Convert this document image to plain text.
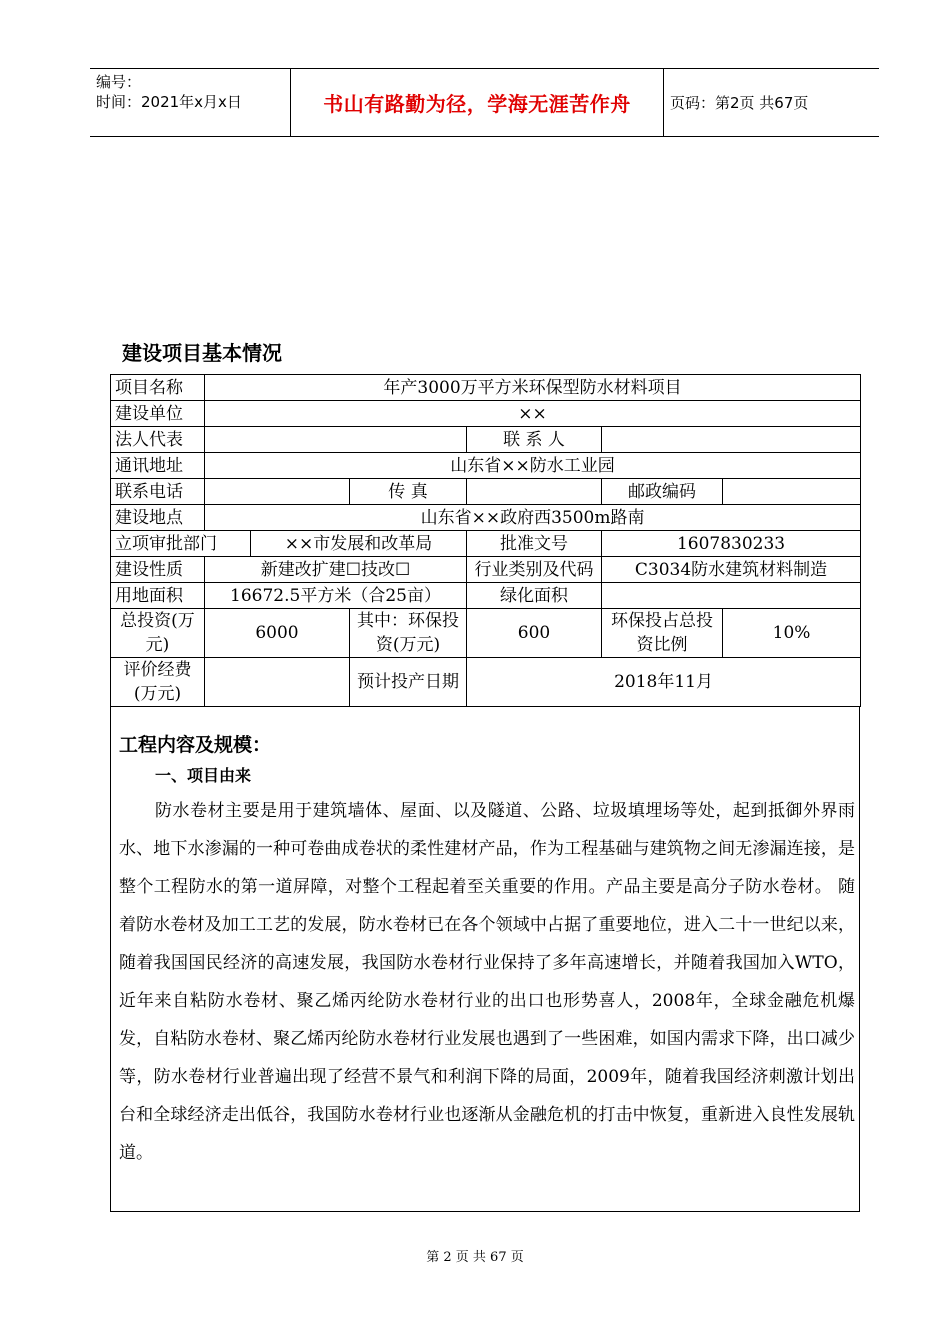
编号：
时间：2021年x月x日	书山有路勤为径，学海无涯苦作舟	页码：第2页 共67页
建设项目基本情况
项目名称	年产3000万平方米环保型防水材料项目					
建设单位	××					
法人代表				联 系 人		
通讯地址	山东省××防水工业园					
联系电话			传 真		邮政编码	
建设地点	山东省××政府西3500m路南					
立项审批部门		××市发展和改革局		批准文号	1607830233	
建设性质	新建改扩建☐技改☐			行业类别及代码	C3034防水建筑材料制造	
用地面积	16672.5平方米（合25亩）			绿化面积		
总投资(万元)	6000		其中：环保投资(万元)	600	环保投占总投资比例	10%
评价经费(万元)			预计投产日期	2018年11月		
工程内容及规模：
一、项目由来
防水卷材主要是用于建筑墙体、屋面、以及隧道、公路、垃圾填埋场等处，起到抵御外界雨水、地下水渗漏的一种可卷曲成卷状的柔性建材产品，作为工程基础与建筑物之间无渗漏连接，是整个工程防水的第一道屏障，对整个工程起着至关重要的作用。产品主要是高分子防水卷材。 随着防水卷材及加工工艺的发展，防水卷材已在各个领域中占据了重要地位，进入二十一世纪以来，随着我国国民经济的高速发展，我国防水卷材行业保持了多年高速增长，并随着我国加入WTO，近年来自粘防水卷材、聚乙烯丙纶防水卷材行业的出口也形势喜人，2008年，全球金融危机爆发，自粘防水卷材、聚乙烯丙纶防水卷材行业发展也遇到了一些困难，如国内需求下降，出口减少等，防水卷材行业普遍出现了经营不景气和利润下降的局面，2009年，随着我国经济刺激计划出台和全球经济走出低谷，我国防水卷材行业也逐渐从金融危机的打击中恢复，重新进入良性发展轨道。
第 2 页 共 67 页
